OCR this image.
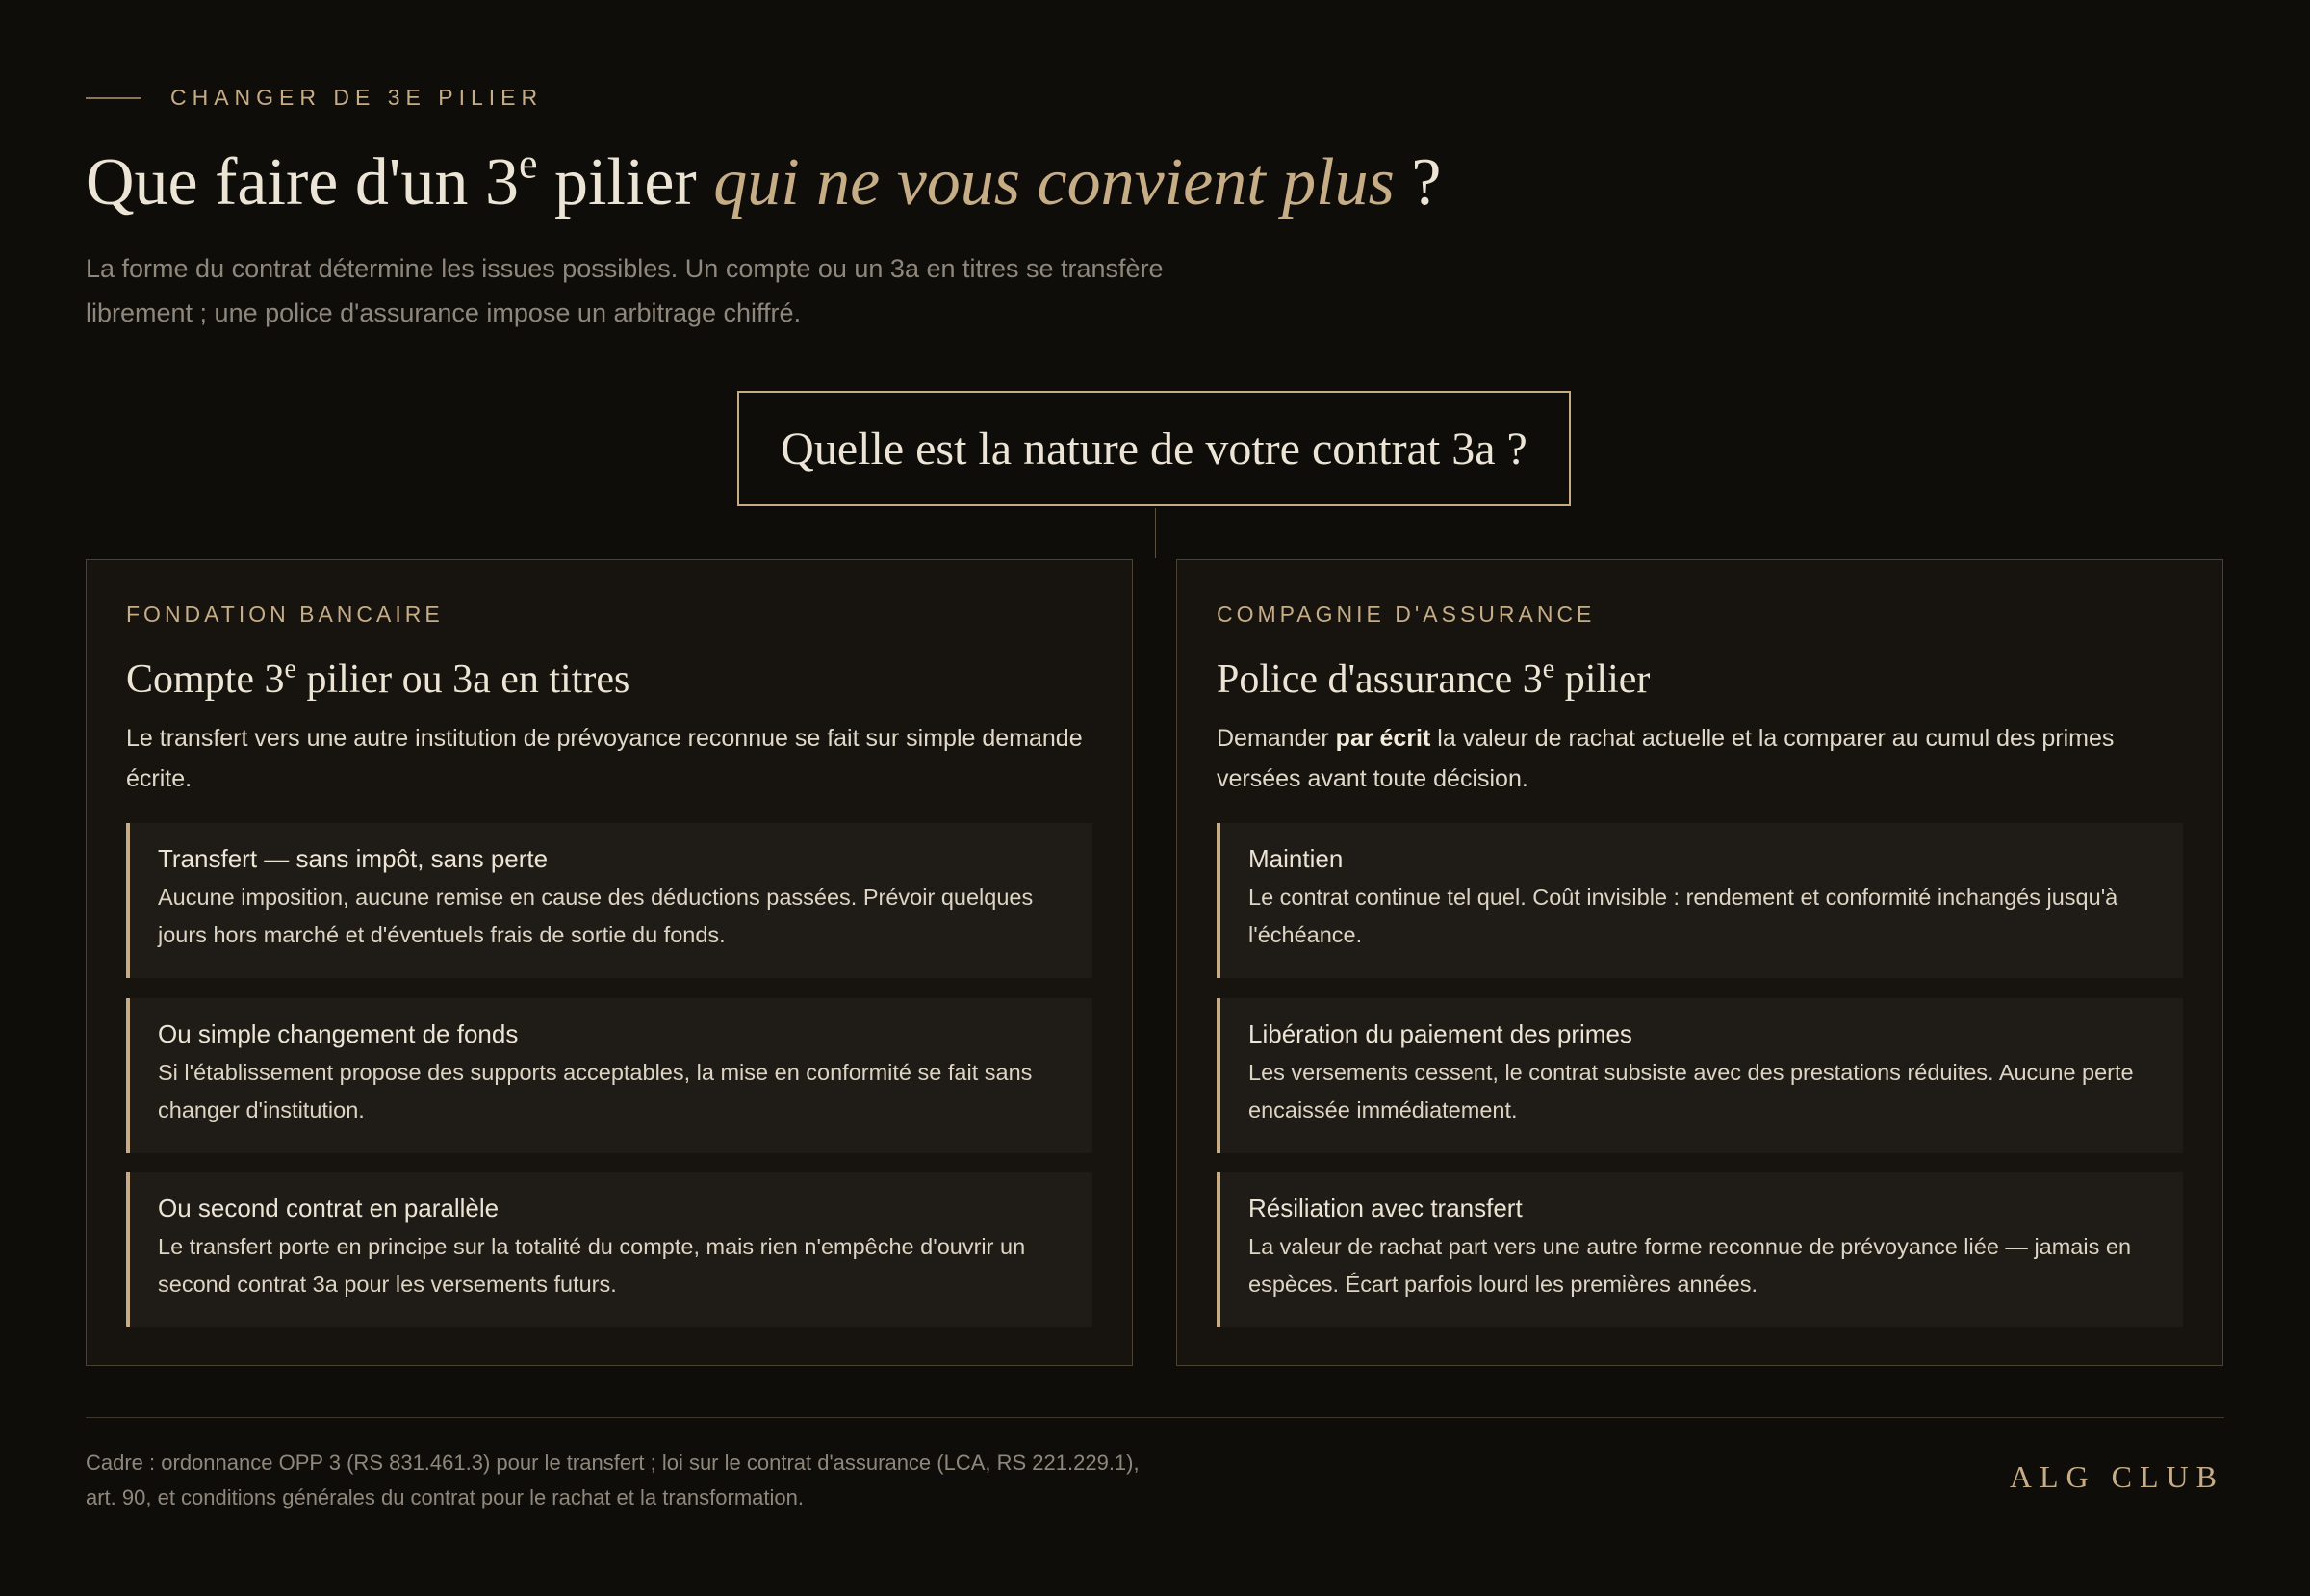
CHANGER DE 3E PILIER
Que faire d'un 3e pilier qui ne vous convient plus ?

La forme du contrat détermine les issues possibles. Un compte ou un 3a en titres se transfère librement ; une police d'assurance impose un arbitrage chiffré.

Quelle est la nature de votre contrat 3a ?
FONDATION BANCAIRE
Compte 3e pilier ou 3a en titres

Le transfert vers une autre institution de prévoyance reconnue se fait sur simple demande écrite.

Transfert — sans impôt, sans perte
Aucune imposition, aucune remise en cause des déductions passées. Prévoir quelques jours hors marché et d'éventuels frais de sortie du fonds.
Ou simple changement de fonds
Si l'établissement propose des supports acceptables, la mise en conformité se fait sans changer d'institution.
Ou second contrat en parallèle
Le transfert porte en principe sur la totalité du compte, mais rien n'empêche d'ouvrir un second contrat 3a pour les versements futurs.
COMPAGNIE D'ASSURANCE
Police d'assurance 3e pilier

Demander par écrit la valeur de rachat actuelle et la comparer au cumul des primes versées avant toute décision.

Maintien
Le contrat continue tel quel. Coût invisible : rendement et conformité inchangés jusqu'à l'échéance.
Libération du paiement des primes
Les versements cessent, le contrat subsiste avec des prestations réduites. Aucune perte encaissée immédiatement.
Résiliation avec transfert
La valeur de rachat part vers une autre forme reconnue de prévoyance liée — jamais en espèces. Écart parfois lourd les premières années.

Cadre : ordonnance OPP 3 (RS 831.461.3) pour le transfert ; loi sur le contrat d'assurance (LCA, RS 221.229.1), art. 90, et conditions générales du contrat pour le rachat et la transformation.

ALG CLUB
